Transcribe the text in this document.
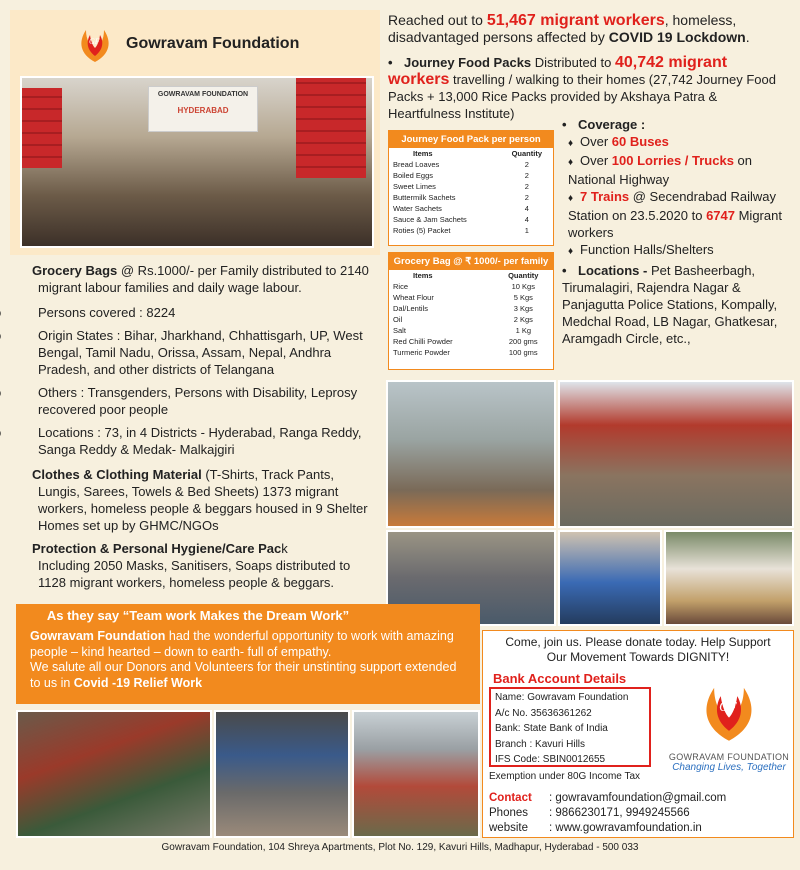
GF Gowravam Foundation
GOWRAVAM FOUNDATION
HYDERABAD
Reached out to 51,467 migrant workers, homeless, disadvantaged persons affected by COVID 19 Lockdown.
• Journey Food Packs Distributed to 40,742 migrant workers travelling / walking to their homes (27,742 Journey Food Packs + 13,000 Rice Packs provided by Akshaya Patra & Heartfulness Institute)
Journey Food Pack per person
Items	Quantity
Bread Loaves	2
Boiled Eggs	2
Sweet Limes	2
Buttermilk Sachets	2
Water Sachets	4
Sauce & Jam Sachets	4
Roties (5) Packet	1
Grocery Bag @ ₹ 1000/- per family
Items	Quantity
Rice	10 Kgs
Wheat Flour	5 Kgs
Dal/Lentils	3 Kgs
Oil	2 Kgs
Salt	1 Kg
Red Chilli Powder	200 gms
Turmeric Powder	100 gms
• Coverage :
♦ Over 60 Buses
♦ Over 100 Lorries / Trucks on National Highway
♦ 7 Trains @ Secendrabad Railway Station on 23.5.2020 to 6747 Migrant workers
♦ Function Halls/Shelters
• Locations - Pet Basheerbagh, Tirumalagiri, Rajendra Nagar & Panjagutta Police Stations, Kompally, Medchal Road, LB Nagar, Ghatkesar, Aramgadh Circle, etc.,
• Grocery Bags @ Rs.1000/- per Family distributed to 2140 migrant labour families and daily wage labour.
o Persons covered : 8224
o Origin States : Bihar, Jharkhand, Chhattisgarh, UP, West Bengal, Tamil Nadu, Orissa, Assam, Nepal, Andhra Pradesh, and other districts of Telangana
o Others : Transgenders, Persons with Disability, Leprosy recovered poor people
o Locations : 73, in 4 Districts - Hyderabad, Ranga Reddy, Sanga Reddy & Medak- Malkajgiri
• Clothes & Clothing Material (T-Shirts, Track Pants, Lungis, Sarees, Towels & Bed Sheets) 1373 migrant workers, homeless people & beggars housed in 9 Shelter Homes set up by GHMC/NGOs
• Protection & Personal Hygiene/Care Pack
Including 2050 Masks, Sanitisers, Soaps distributed to 1128 migrant workers, homeless people & beggars.
As they say “Team work Makes the Dream Work”
Gowravam Foundation had the wonderful opportunity to work with amazing people – kind hearted – down to earth- full of empathy.
We salute all our Donors and Volunteers for their unstinting support extended to us in Covid -19 Relief Work
Come, join us. Please donate today. Help Support Our Movement Towards DIGNITY!
Bank Account Details
Name: Gowravam Foundation
A/c No. 35636361262
Bank: State Bank of India
Branch : Kavuri Hills
IFS Code: SBIN0012655
Exemption under 80G Income Tax
GF
GOWRAVAM FOUNDATION
Changing Lives, Together
Contact	: gowravamfoundation@gmail.com
Phones	: 9866230171, 9949245566
website	: www.gowravamfoundation.in
Gowravam Foundation, 104 Shreya Apartments, Plot No. 129, Kavuri Hills, Madhapur, Hyderabad - 500 033
